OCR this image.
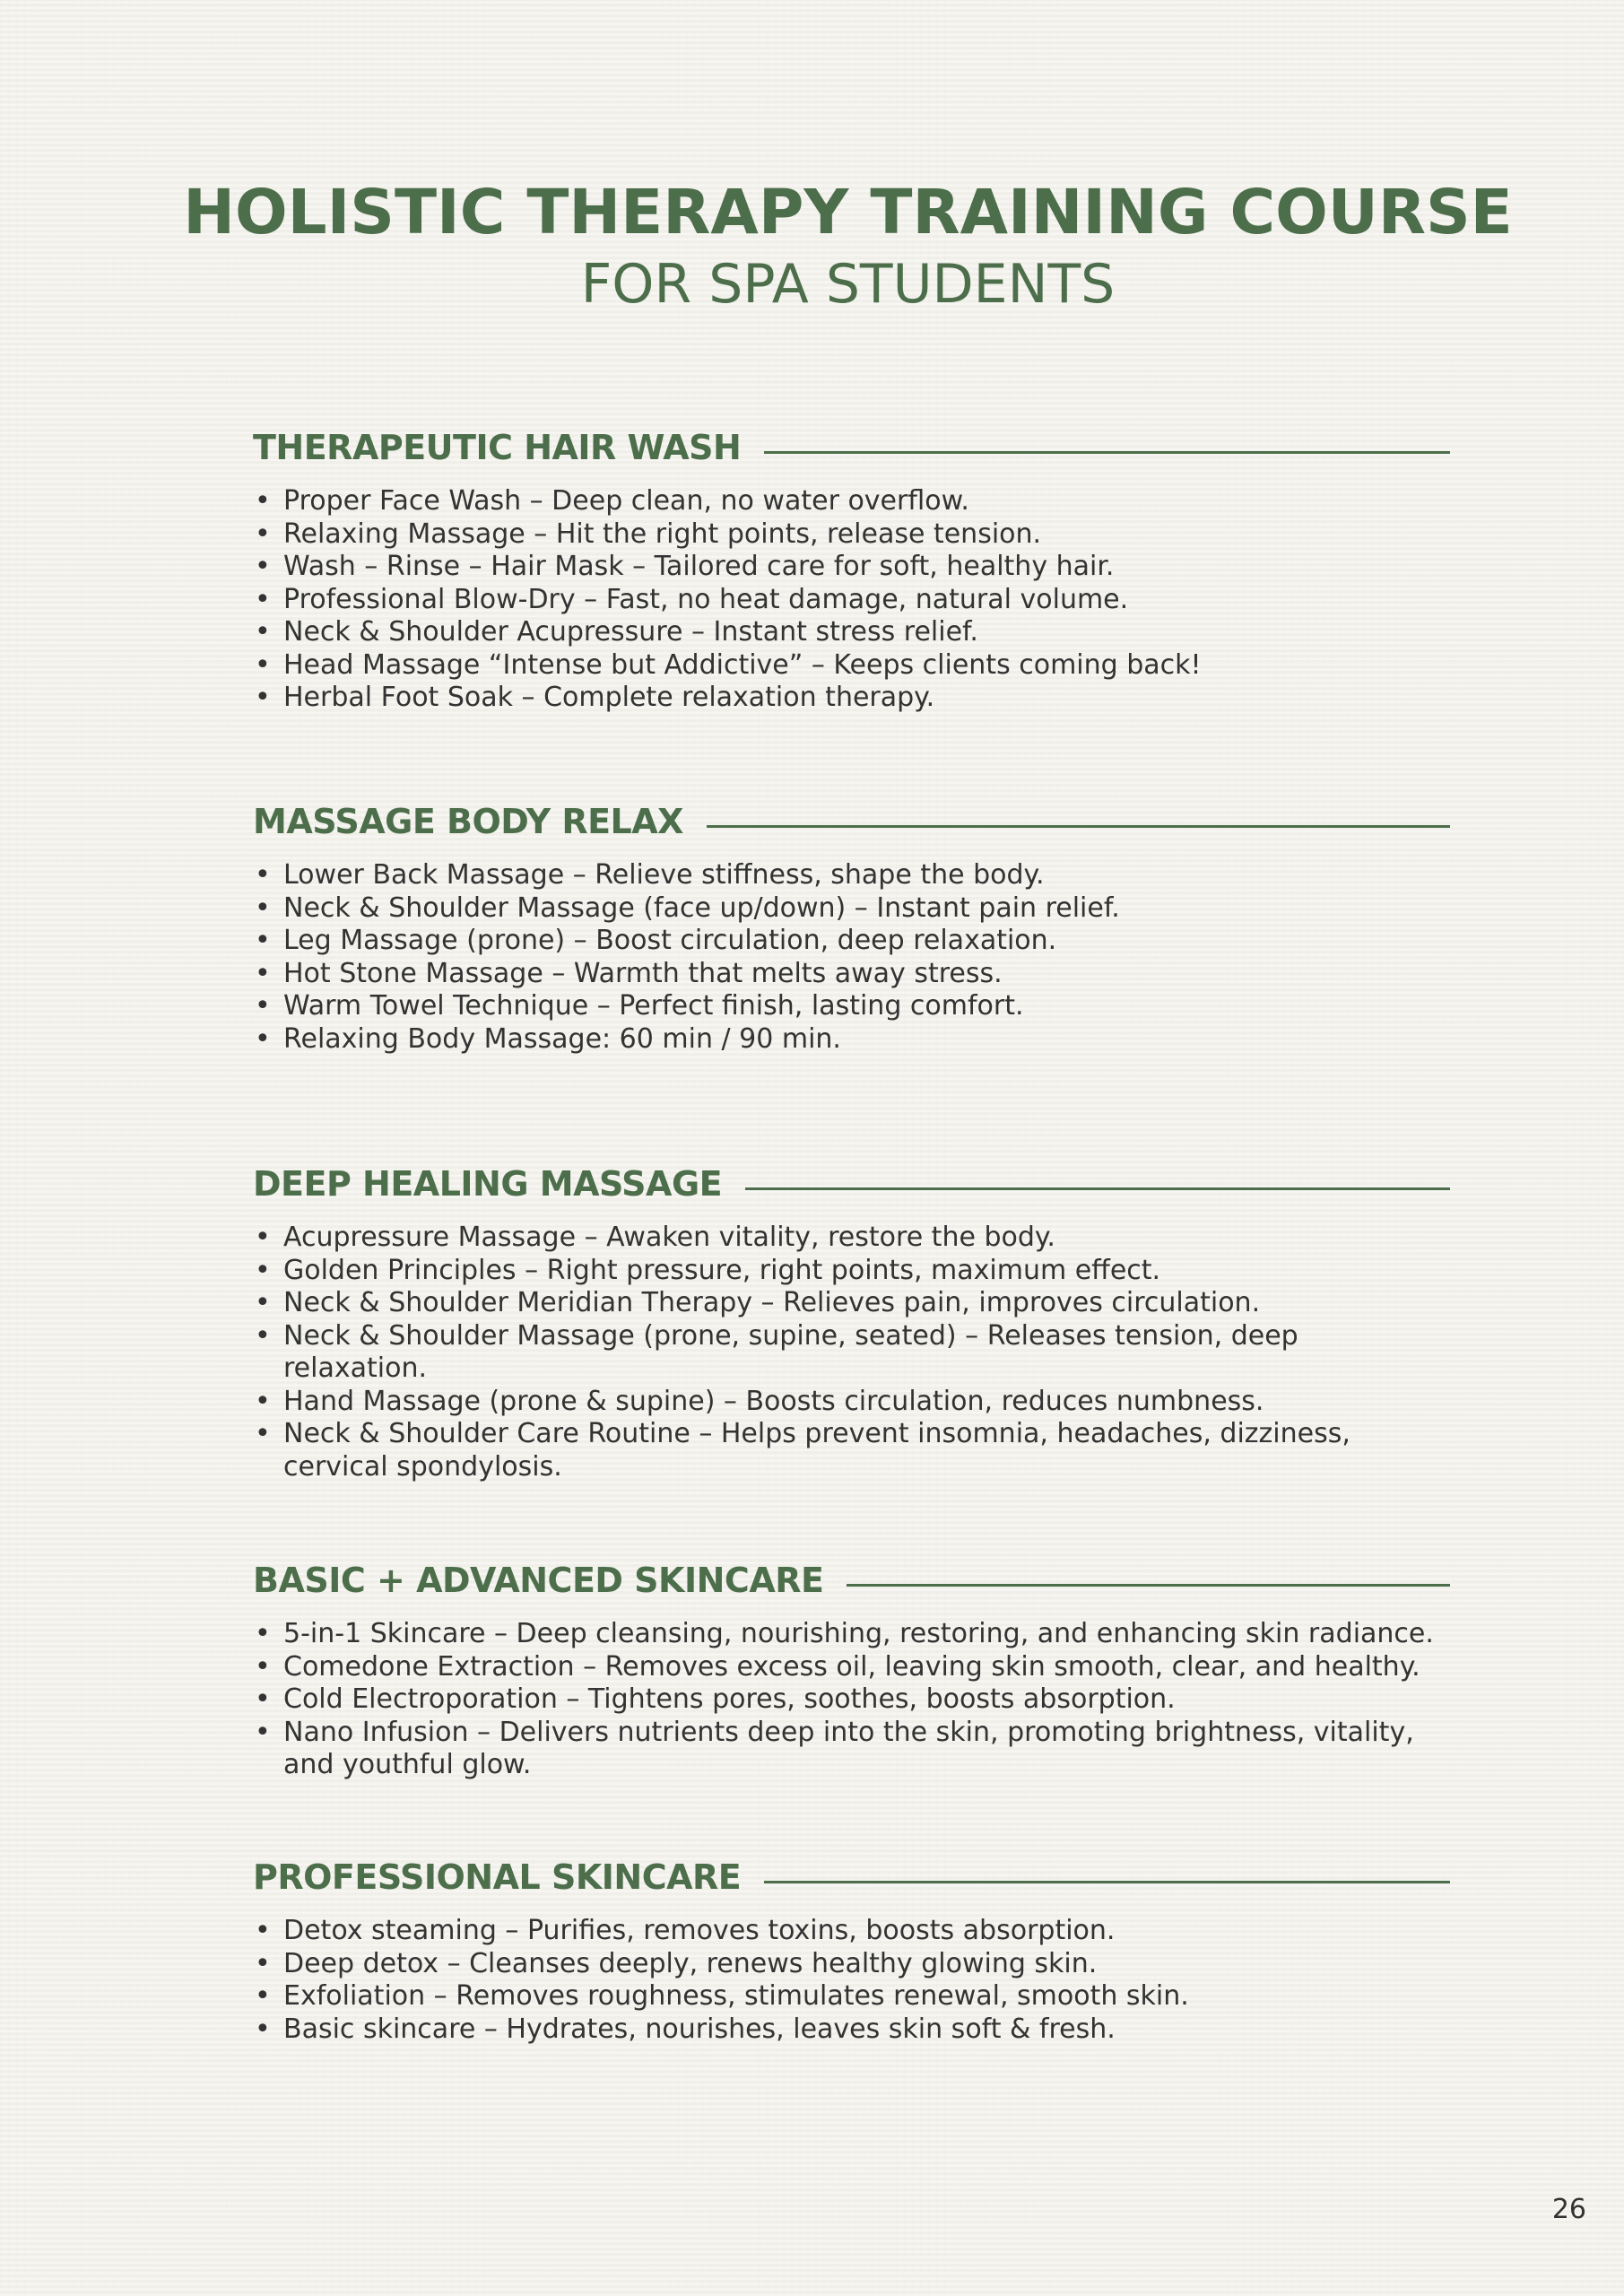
HOLISTIC THERAPY TRAINING COURSE
FOR SPA STUDENTS
THERAPEUTIC HAIR WASH
• Proper Face Wash – Deep clean, no water overflow.
• Relaxing Massage – Hit the right points, release tension.
• Wash – Rinse – Hair Mask – Tailored care for soft, healthy hair.
• Professional Blow-Dry – Fast, no heat damage, natural volume.
• Neck & Shoulder Acupressure – Instant stress relief.
• Head Massage “Intense but Addictive” – Keeps clients coming back!
• Herbal Foot Soak – Complete relaxation therapy.
MASSAGE BODY RELAX
• Lower Back Massage – Relieve stiffness, shape the body.
• Neck & Shoulder Massage (face up/down) – Instant pain relief.
• Leg Massage (prone) – Boost circulation, deep relaxation.
• Hot Stone Massage – Warmth that melts away stress.
• Warm Towel Technique – Perfect finish, lasting comfort.
• Relaxing Body Massage: 60 min / 90 min.
DEEP HEALING MASSAGE
• Acupressure Massage – Awaken vitality, restore the body.
• Golden Principles – Right pressure, right points, maximum effect.
• Neck & Shoulder Meridian Therapy – Relieves pain, improves circulation.
• Neck & Shoulder Massage (prone, supine, seated) – Releases tension, deep relaxation.
• Hand Massage (prone & supine) – Boosts circulation, reduces numbness.
• Neck & Shoulder Care Routine – Helps prevent insomnia, headaches, dizziness, cervical spondylosis.
BASIC + ADVANCED SKINCARE
• 5-in-1 Skincare – Deep cleansing, nourishing, restoring, and enhancing skin radiance.
• Comedone Extraction – Removes excess oil, leaving skin smooth, clear, and healthy.
• Cold Electroporation – Tightens pores, soothes, boosts absorption.
• Nano Infusion – Delivers nutrients deep into the skin, promoting brightness, vitality, and youthful glow.
PROFESSIONAL SKINCARE
• Detox steaming – Purifies, removes toxins, boosts absorption.
• Deep detox – Cleanses deeply, renews healthy glowing skin.
• Exfoliation – Removes roughness, stimulates renewal, smooth skin.
• Basic skincare – Hydrates, nourishes, leaves skin soft & fresh.
26
